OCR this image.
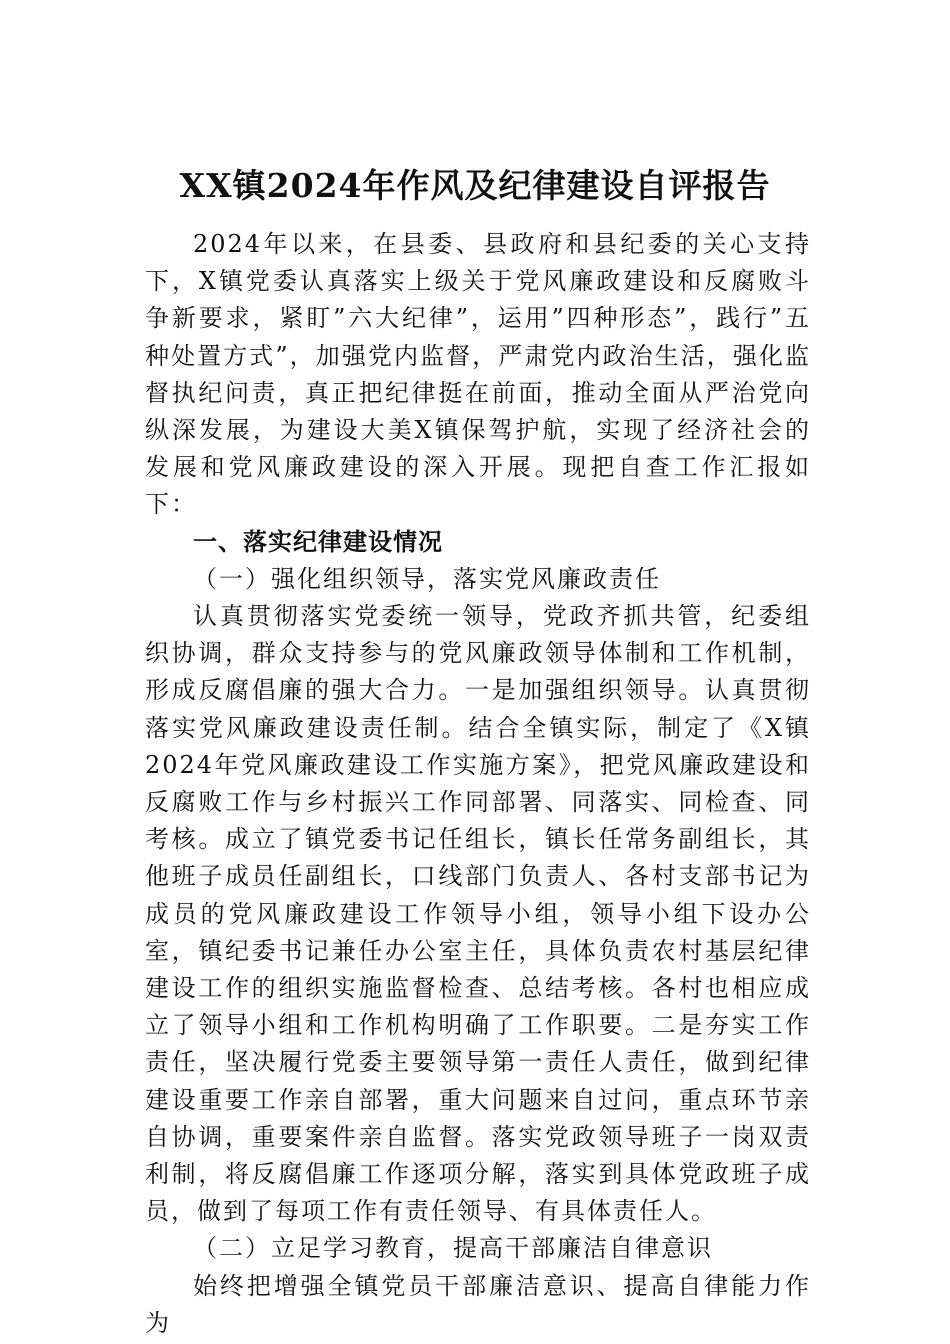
XX镇2024年作风及纪律建设自评报告

2024年以来，在县委、县政府和县纪委的关心支持下，X镇党委认真落实上级关于党风廉政建设和反腐败斗争新要求，紧盯”六大纪律”，运用”四种形态”，践行”五种处置方式”，加强党内监督，严肃党内政治生活，强化监督执纪问责，真正把纪律挺在前面，推动全面从严治党向纵深发展，为建设大美X镇保驾护航，实现了经济社会的发展和党风廉政建设的深入开展。现把自查工作汇报如下：

一、落实纪律建设情况

（一）强化组织领导，落实党风廉政责任

认真贯彻落实党委统一领导，党政齐抓共管，纪委组织协调，群众支持参与的党风廉政领导体制和工作机制，形成反腐倡廉的强大合力。一是加强组织领导。认真贯彻落实党风廉政建设责任制。结合全镇实际，制定了《X镇2024年党风廉政建设工作实施方案》，把党风廉政建设和反腐败工作与乡村振兴工作同部署、同落实、同检查、同考核。成立了镇党委书记任组长，镇长任常务副组长，其他班子成员任副组长，口线部门负责人、各村支部书记为成员的党风廉政建设工作领导小组，领导小组下设办公室，镇纪委书记兼任办公室主任，具体负责农村基层纪律建设工作的组织实施监督检查、总结考核。各村也相应成立了领导小组和工作机构明确了工作职要。二是夯实工作责任，坚决履行党委主要领导第一责任人责任，做到纪律建设重要工作亲自部署，重大问题来自过问，重点环节亲自协调，重要案件亲自监督。落实党政领导班子一岗双责利制，将反腐倡廉工作逐项分解，落实到具体党政班子成员，做到了每项工作有责任领导、有具体责任人。

（二）立足学习教育，提高干部廉洁自律意识

始终把增强全镇党员干部廉洁意识、提高自律能力作为
